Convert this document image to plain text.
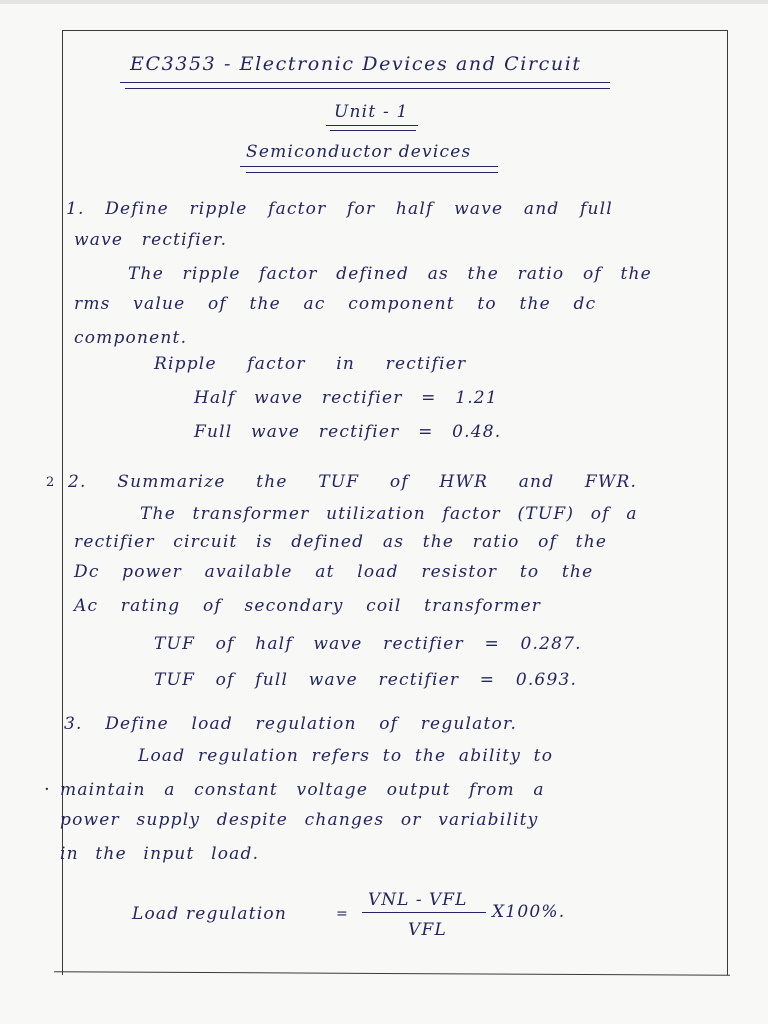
EC3353 - Electronic Devices and Circuit
Unit - 1
Semiconductor devices
1. Define ripple factor for half wave and full
wave rectifier.
The ripple factor defined as the ratio of the
rms value of the ac component to the dc
component.
Ripple factor in rectifier
Half wave rectifier = 1.21
Full wave rectifier = 0.48.
2 2. Summarize the TUF of HWR and FWR.
The transformer utilization factor (TUF) of a
rectifier circuit is defined as the ratio of the
Dc power available at load resistor to the
Ac rating of secondary coil transformer
TUF of half wave rectifier = 0.287.
TUF of full wave rectifier = 0.693.
3. Define load regulation of regulator.
Load regulation refers to the ability to
· maintain a constant voltage output from a
power supply despite changes or variability
in the input load.
Load regulation	=
VNL - VFL
VFL
X100%.
